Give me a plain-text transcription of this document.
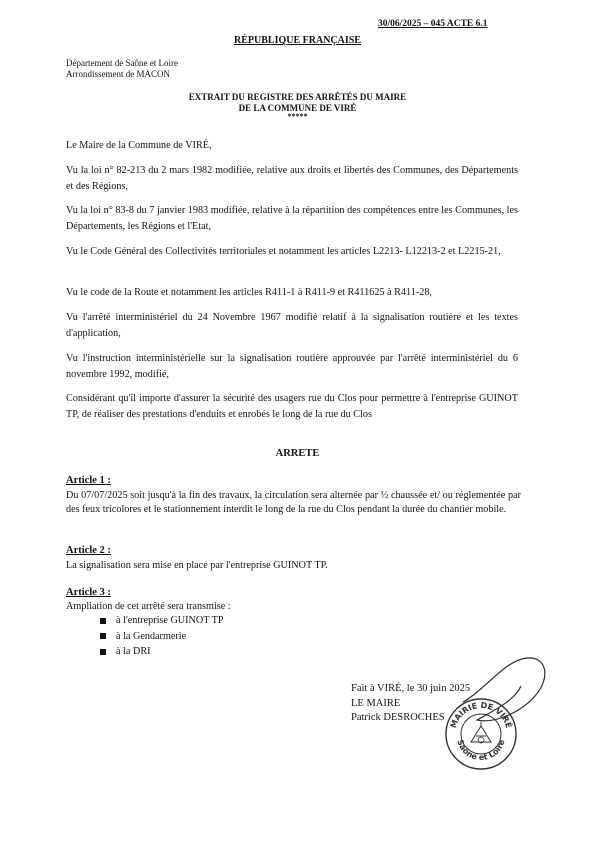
30/06/2025 – 045 ACTE 6.1
RÉPUBLIQUE FRANÇAISE
Département de Saône et Loire
Arrondissement de MACON
EXTRAIT DU REGISTRE DES ARRÊTÉS DU MAIRE
DE LA COMMUNE DE VIRÉ
*****

Le Maire de la Commune de VIRÉ,

Vu la loi n° 82-213 du 2 mars 1982 modifiée, relative aux droits et libertés des Communes, des Départements et des Régions,

Vu la loi n° 83-8 du 7 janvier 1983 modifiée, relative à la répartition des compétences entre les Communes, les Départements, les Régions et l'Etat,

Vu le Code Général des Collectivités territoriales et notamment les articles L2213- L12213-2 et L2215-21,

Vu le code de la Route et notamment les articles R411-1 à R411-9 et R411625 à R411-28,

Vu l'arrêté interministériel du 24 Novembre 1967 modifié relatif à la signalisation routière et les textes d'application,

Vu l'instruction interministérielle sur la signalisation routière approuvée par l'arrêté interministériel du 6 novembre 1992, modifié,

Considérant qu'il importe d'assurer la sécurité des usagers rue du Clos pour permettre à l'entreprise GUINOT TP, de réaliser des prestations d'enduits et enrobés le long de la rue du Clos

ARRETE
Article 1 :

Du 07/07/2025 soit jusqu'à la fin des travaux, la circulation sera alternée par ½ chaussée et/ ou réglementée par des feux tricolores et le stationnement interdit le long de la rue du Clos pendant la durée du chantier mobile.

Article 2 :

La signalisation sera mise en place par l'entreprise GUINOT TP.

Article 3 :

Ampliation de cet arrêté sera transmise :

à l'entreprise GUINOT TP
à la Gendarmerie
à la DRI
Fait à VIRÉ, le 30 juin 2025
LE MAIRE
Patrick DESROCHES
MAIRIE DE VIRÉ
Saône et Loire
